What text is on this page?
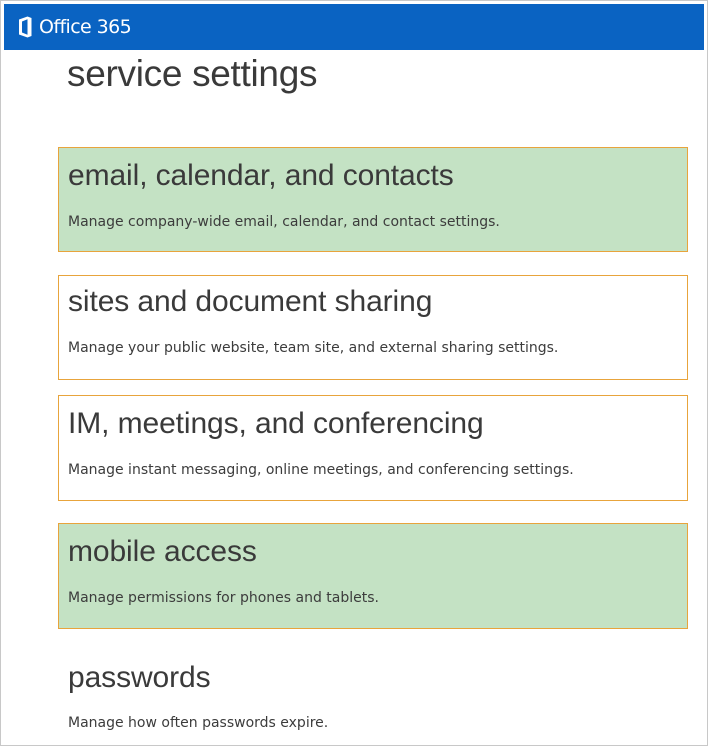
Office 365
service settings
email, calendar, and contacts
Manage company-wide email, calendar, and contact settings.
sites and document sharing
Manage your public website, team site, and external sharing settings.
IM, meetings, and conferencing
Manage instant messaging, online meetings, and conferencing settings.
mobile access
Manage permissions for phones and tablets.
passwords
Manage how often passwords expire.
